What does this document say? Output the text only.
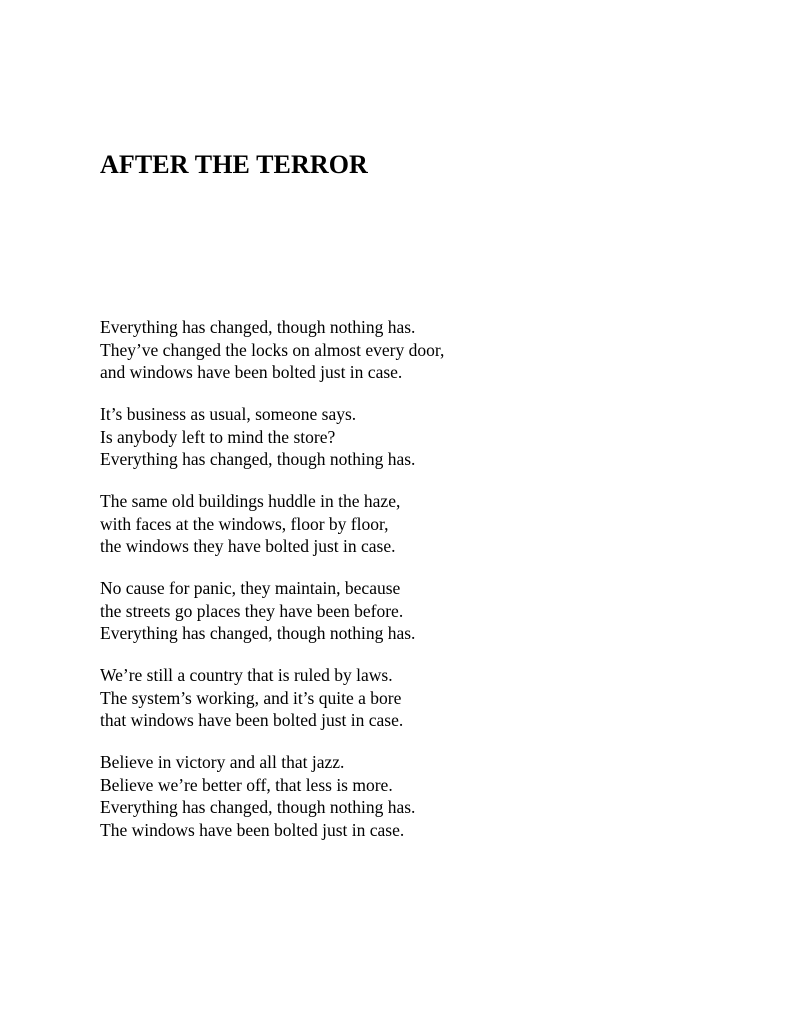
AFTER THE TERROR
Everything has changed, though nothing has.
They’ve changed the locks on almost every door,
and windows have been bolted just in case.
It’s business as usual, someone says.
Is anybody left to mind the store?
Everything has changed, though nothing has.
The same old buildings huddle in the haze,
with faces at the windows, floor by floor,
the windows they have bolted just in case.
No cause for panic, they maintain, because
the streets go places they have been before.
Everything has changed, though nothing has.
We’re still a country that is ruled by laws.
The system’s working, and it’s quite a bore
that windows have been bolted just in case.
Believe in victory and all that jazz.
Believe we’re better off, that less is more.
Everything has changed, though nothing has.
The windows have been bolted just in case.
